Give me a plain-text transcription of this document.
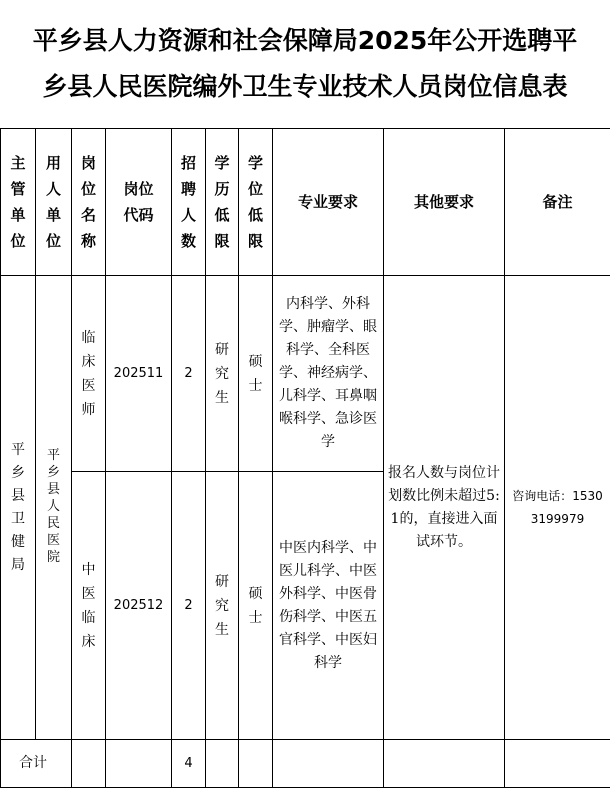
平乡县人力资源和社会保障局2025年公开选聘平
乡县人民医院编外卫生专业技术人员岗位信息表
主管单位	用人单位	岗位名称	岗位代码	招聘人数	学历低限	学位低限	专业要求	其他要求	备注
平乡县卫健局	平乡县人民医院	临床医师	202511	2	研究生	硕士	内科学、外科学、肿瘤学、眼科学、全科医学、神经病学、儿科学、耳鼻咽喉科学、急诊医学	报名人数与岗位计划数比例未超过5:1的，直接进入面试环节。	咨询电话：15303199979

		中医临床	202512	2	研究生	硕士	中医内科学、中医儿科学、中医外科学、中医骨伤科学、中医五官科学、中医妇科学		

合计				4					
